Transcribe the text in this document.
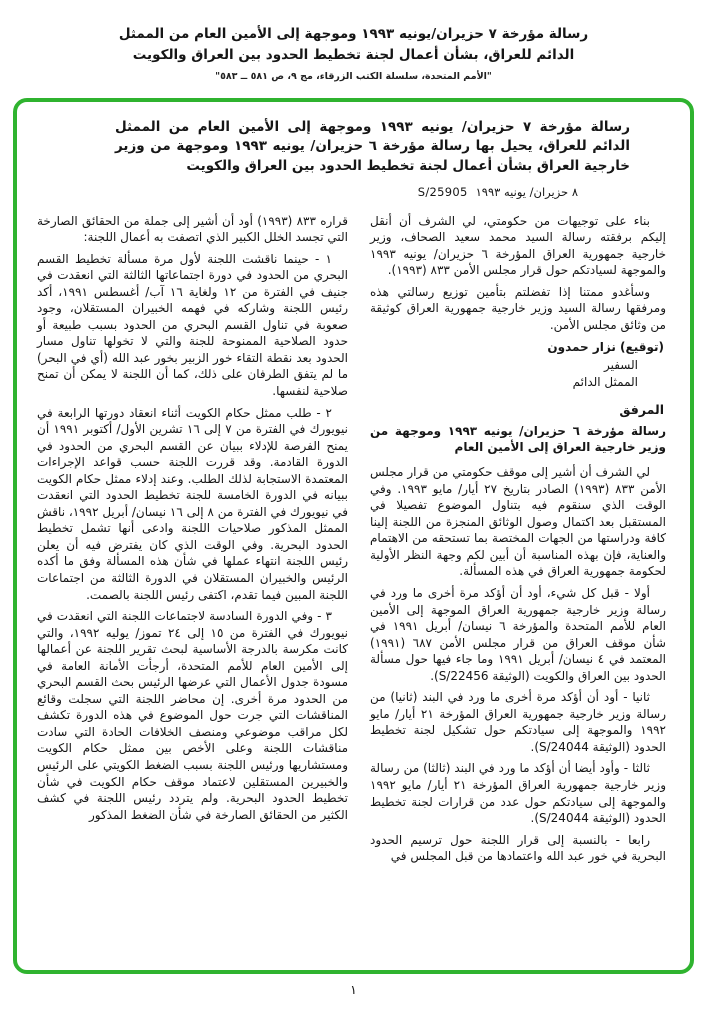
رسالة مؤرخة ٧ حزيران/يونيه ١٩٩٣ وموجهة إلى الأمين العام من الممثل
الدائم للعراق، بشأن أعمال لجنة تخطيط الحدود بين العراق والكويت
"الأمم المتحدة، سلسلة الكتب الزرقاء، مج ٩، ص ٥٨١ ــ ٥٨٣"
رسالة مؤرخة ٧ حزيران/ يونيه ١٩٩٣ وموجهة إلى الأمين العام من الممثل الدائم للعراق، يحيل بها رسالة مؤرخة ٦ حزيران/ يونيه ١٩٩٣ وموجهة من وزير خارجية العراق بشأن أعمال لجنة تخطيط الحدود بين العراق والكويت
S/25905 ٨ حزيران/ يونيه ١٩٩٣

بناء على توجيهات من حكومتي، لي الشرف أن أنقل إليكم برفقته رسالة السيد محمد سعيد الصحاف، وزير خارجية جمهورية العراق المؤرخة ٦ حزيران/ يونيه ١٩٩٣ والموجهة لسيادتكم حول قرار مجلس الأمن ٨٣٣ (١٩٩٣).

وسأغدو ممتنا إذا تفضلتم بتأمين توزيع رسالتي هذه ومرفقها رسالة السيد وزير خارجية جمهورية العراق كوثيقة من وثائق مجلس الأمن.

(توقيع) نزار حمدون
السفير
الممثل الدائم
المرفق
رسالة مؤرخة ٦ حزيران/ يونيه ١٩٩٣ وموجهة من وزير خارجية العراق إلى الأمين العام

لي الشرف أن أشير إلى موقف حكومتي من قرار مجلس الأمن ٨٣٣ (١٩٩٣) الصادر بتاريخ ٢٧ أيار/ مايو ١٩٩٣. وفي الوقت الذي سنقوم فيه بتناول الموضوع تفصيلا في المستقبل بعد اكتمال وصول الوثائق المنجزة من اللجنة إلينا كافة ودراستها من الجهات المختصة بما تستحقه من الاهتمام والعناية، فإن بهذه المناسبة أن أبين لكم وجهة النظر الأولية لحكومة جمهورية العراق في هذه المسألة.

أولا - قبل كل شيء، أود أن أؤكد مرة أخرى ما ورد في رسالة وزير خارجية جمهورية العراق الموجهة إلى الأمين العام للأمم المتحدة والمؤرخة ٦ نيسان/ أبريل ١٩٩١ في شأن موقف العراق من قرار مجلس الأمن ٦٨٧ (١٩٩١) المعتمد في ٤ نيسان/ أبريل ١٩٩١ وما جاء فيها حول مسألة الحدود بين العراق والكويت (الوثيقة S/22456).

ثانيا - أود أن أؤكد مرة أخرى ما ورد في البند (ثانيا) من رسالة وزير خارجية جمهورية العراق المؤرخة ٢١ أيار/ مايو ١٩٩٢ والموجهة إلى سيادتكم حول تشكيل لجنة تخطيط الحدود (الوثيقة S/24044).

ثالثا - وأود أيضا أن أؤكد ما ورد في البند (ثالثا) من رسالة وزير خارجية جمهورية العراق المؤرخة ٢١ أيار/ مايو ١٩٩٢ والموجهة إلى سيادتكم حول عدد من قرارات لجنة تخطيط الحدود (الوثيقة S/24044).

رابعا - بالنسبة إلى قرار اللجنة حول ترسيم الحدود البحرية في خور عبد الله واعتمادها من قبل المجلس في

قراره ٨٣٣ (١٩٩٣) أود أن أشير إلى جملة من الحقائق الصارخة التي تجسد الخلل الكبير الذي اتصفت به أعمال اللجنة:

١ - حينما ناقشت اللجنة لأول مرة مسألة تخطيط القسم البحري من الحدود في دورة اجتماعاتها الثالثة التي انعقدت في جنيف في الفترة من ١٢ ولغاية ١٦ آب/ أغسطس ١٩٩١، أكد رئيس اللجنة وشاركه في فهمه الخبيران المستقلان، وجود صعوبة في تناول القسم البحري من الحدود بسبب طبيعة أو حدود الصلاحية الممنوحة للجنة والتي لا تخولها تناول مسار الحدود بعد نقطة التقاء خور الزبير بخور عبد الله (أي في البحر) ما لم يتفق الطرفان على ذلك، كما أن اللجنة لا يمكن أن تمنح صلاحية لنفسها.

٢ - طلب ممثل حكام الكويت أثناء انعقاد دورتها الرابعة في نيويورك في الفترة من ٧ إلى ١٦ تشرين الأول/ أكتوبر ١٩٩١ أن يمنح الفرصة للإدلاء ببيان عن القسم البحري من الحدود في الدورة القادمة. وقد قررت اللجنة حسب قواعد الإجراءات المعتمدة الاستجابة لذلك الطلب. وعند إدلاء ممثل حكام الكويت ببيانه في الدورة الخامسة للجنة تخطيط الحدود التي انعقدت في نيويورك في الفترة من ٨ إلى ١٦ نيسان/ أبريل ١٩٩٢، ناقش الممثل المذكور صلاحيات اللجنة وادعى أنها تشمل تخطيط الحدود البحرية. وفي الوقت الذي كان يفترض فيه أن يعلن رئيس اللجنة انتهاء عملها في شأن هذه المسألة وفق ما أكده الرئيس والخبيران المستقلان في الدورة الثالثة من اجتماعات اللجنة المبين فيما تقدم، اكتفى رئيس اللجنة بالصمت.

٣ - وفي الدورة السادسة لاجتماعات اللجنة التي انعقدت في نيويورك في الفترة من ١٥ إلى ٢٤ تموز/ يوليه ١٩٩٢، والتي كانت مكرسة بالدرجة الأساسية لبحث تقرير اللجنة عن أعمالها إلى الأمين العام للأمم المتحدة، أرجأت الأمانة العامة في مسودة جدول الأعمال التي عرضها الرئيس بحث القسم البحري من الحدود مرة أخرى. إن محاضر اللجنة التي سجلت وقائع المناقشات التي جرت حول الموضوع في هذه الدورة تكشف لكل مراقب موضوعي ومنصف الخلافات الحادة التي سادت مناقشات اللجنة وعلى الأخص بين ممثل حكام الكويت ومستشاريها ورئيس اللجنة بسبب الضغط الكويتي على الرئيس والخبيرين المستقلين لاعتماد موقف حكام الكويت في شأن تخطيط الحدود البحرية. ولم يتردد رئيس اللجنة في كشف الكثير من الحقائق الصارخة في شأن الضغط المذكور

١
